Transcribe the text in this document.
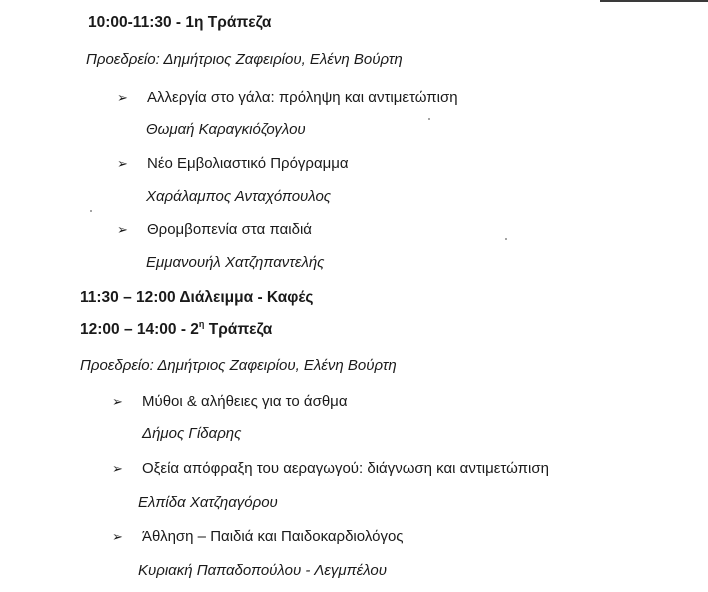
10:00-11:30 - 1η Τράπεζα
Προεδρείο: Δημήτριος Ζαφειρίου, Ελένη Βούρτη
➢	Αλλεργία στο γάλα: πρόληψη και αντιμετώπιση
Θωμαή Καραγκιόζογλου
➢	Νέο Εμβολιαστικό Πρόγραμμα
Χαράλαμπος Ανταχόπουλος
➢	Θρομβοπενία στα παιδιά
Εμμανουήλ Χατζηπαντελής
11:30 – 12:00 Διάλειμμα - Καφές
12:00 – 14:00 - $2^\eta$ Τράπεζα
Προεδρείο: Δημήτριος Ζαφειρίου, Ελένη Βούρτη
➢	Μύθοι & αλήθειες για το άσθμα
Δήμος Γίδαρης
➢	Οξεία απόφραξη του αεραγωγού: διάγνωση και αντιμετώπιση
Ελπίδα Χατζηαγόρου
➢	Άθληση – Παιδιά και Παιδοκαρδιολόγος
Κυριακή Παπαδοπούλου - Λεγμπέλου
